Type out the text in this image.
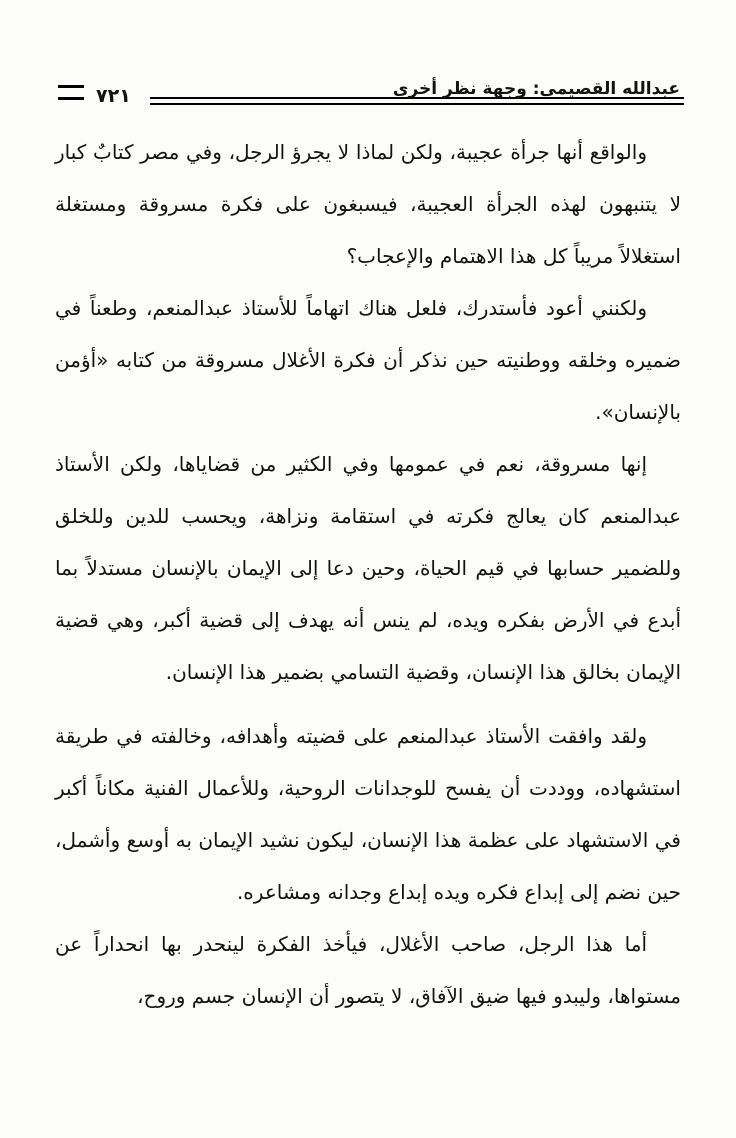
٧٢١	عبدالله القصيمي: وجهة نظر أخرى

والواقع أنها جرأة عجيبة، ولكن لماذا لا يجرؤ الرجل، وفي مصر كتابٌ كبار لا يتنبهون لهذه الجرأة العجيبة، فيسبغون على فكرة مسروقة ومستغلة استغلالاً مريباً كل هذا الاهتمام والإعجاب؟

ولكنني أعود فأستدرك، فلعل هناك اتهاماً للأستاذ عبدالمنعم، وطعناً في ضميره وخلقه ووطنيته حين نذكر أن فكرة الأغلال مسروقة من كتابه «أؤمن بالإنسان».

إنها مسروقة، نعم في عمومها وفي الكثير من قضاياها، ولكن الأستاذ عبدالمنعم كان يعالج فكرته في استقامة ونزاهة، ويحسب للدين وللخلق وللضمير حسابها في قيم الحياة، وحين دعا إلى الإيمان بالإنسان مستدلاً بما أبدع في الأرض بفكره ويده، لم ينس أنه يهدف إلى قضية أكبر، وهي قضية الإيمان بخالق هذا الإنسان، وقضية التسامي بضمير هذا الإنسان.

ولقد وافقت الأستاذ عبدالمنعم على قضيته وأهدافه، وخالفته في طريقة استشهاده، ووددت أن يفسح للوجدانات الروحية، وللأعمال الفنية مكاناً أكبر في الاستشهاد على عظمة هذا الإنسان، ليكون نشيد الإيمان به أوسع وأشمل، حين نضم إلى إبداع فكره ويده إبداع وجدانه ومشاعره.

أما هذا الرجل، صاحب الأغلال، فيأخذ الفكرة لينحدر بها انحداراً عن مستواها، وليبدو فيها ضيق الآفاق، لا يتصور أن الإنسان جسم وروح،
